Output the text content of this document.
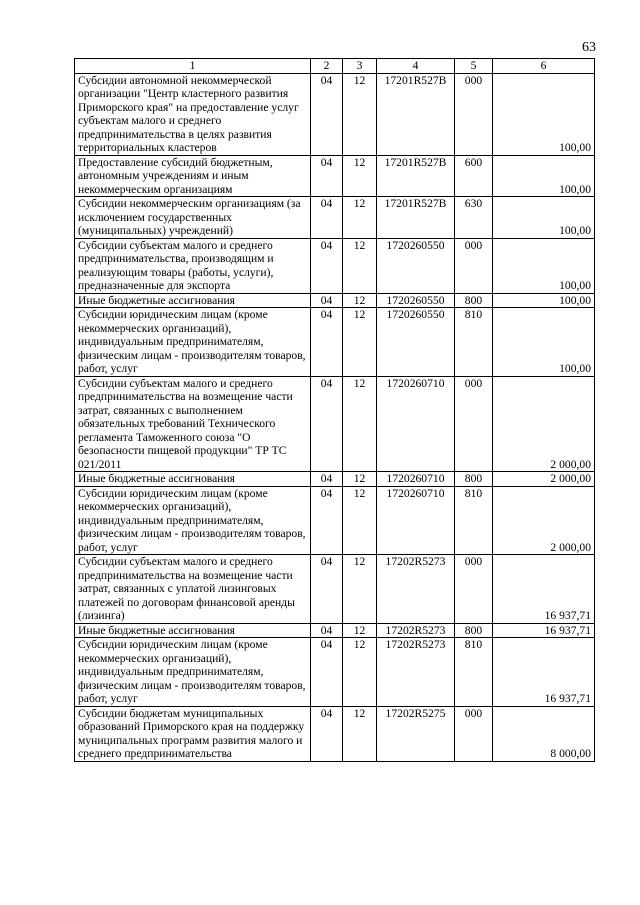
63
1	2	3	4	5	6
Субсидии автономной некоммерческой организации "Центр кластерного развития Приморского края" на предоставление услуг субъектам малого и среднего предпринимательства в целях развития территориальных кластеров	04	12	17201R527B	000	100,00
Предоставление субсидий бюджетным, автономным учреждениям и иным некоммерческим организациям	04	12	17201R527B	600	100,00
Субсидии некоммерческим организациям (за исключением государственных (муниципальных) учреждений)	04	12	17201R527B	630	100,00
Субсидии субъектам малого и среднего предпринимательства, производящим и реализующим товары (работы, услуги), предназначенные для экспорта	04	12	1720260550	000	100,00
Иные бюджетные ассигнования	04	12	1720260550	800	100,00
Субсидии юридическим лицам (кроме некоммерческих организаций), индивидуальным предпринимателям, физическим лицам - производителям товаров, работ, услуг	04	12	1720260550	810	100,00
Субсидии субъектам малого и среднего предпринимательства на возмещение части затрат, связанных с выполнением обязательных требований Технического регламента Таможенного союза "О безопасности пищевой продукции" ТР ТС 021/2011	04	12	1720260710	000	2 000,00
Иные бюджетные ассигнования	04	12	1720260710	800	2 000,00
Субсидии юридическим лицам (кроме некоммерческих организаций), индивидуальным предпринимателям, физическим лицам - производителям товаров, работ, услуг	04	12	1720260710	810	2 000,00
Субсидии субъектам малого и среднего предпринимательства на возмещение части затрат, связанных с уплатой лизинговых платежей по договорам финансовой аренды (лизинга)	04	12	17202R5273	000	16 937,71
Иные бюджетные ассигнования	04	12	17202R5273	800	16 937,71
Субсидии юридическим лицам (кроме некоммерческих организаций), индивидуальным предпринимателям, физическим лицам - производителям товаров, работ, услуг	04	12	17202R5273	810	16 937,71
Субсидии бюджетам муниципальных образований Приморского края на поддержку муниципальных программ развития малого и среднего предпринимательства	04	12	17202R5275	000	8 000,00
